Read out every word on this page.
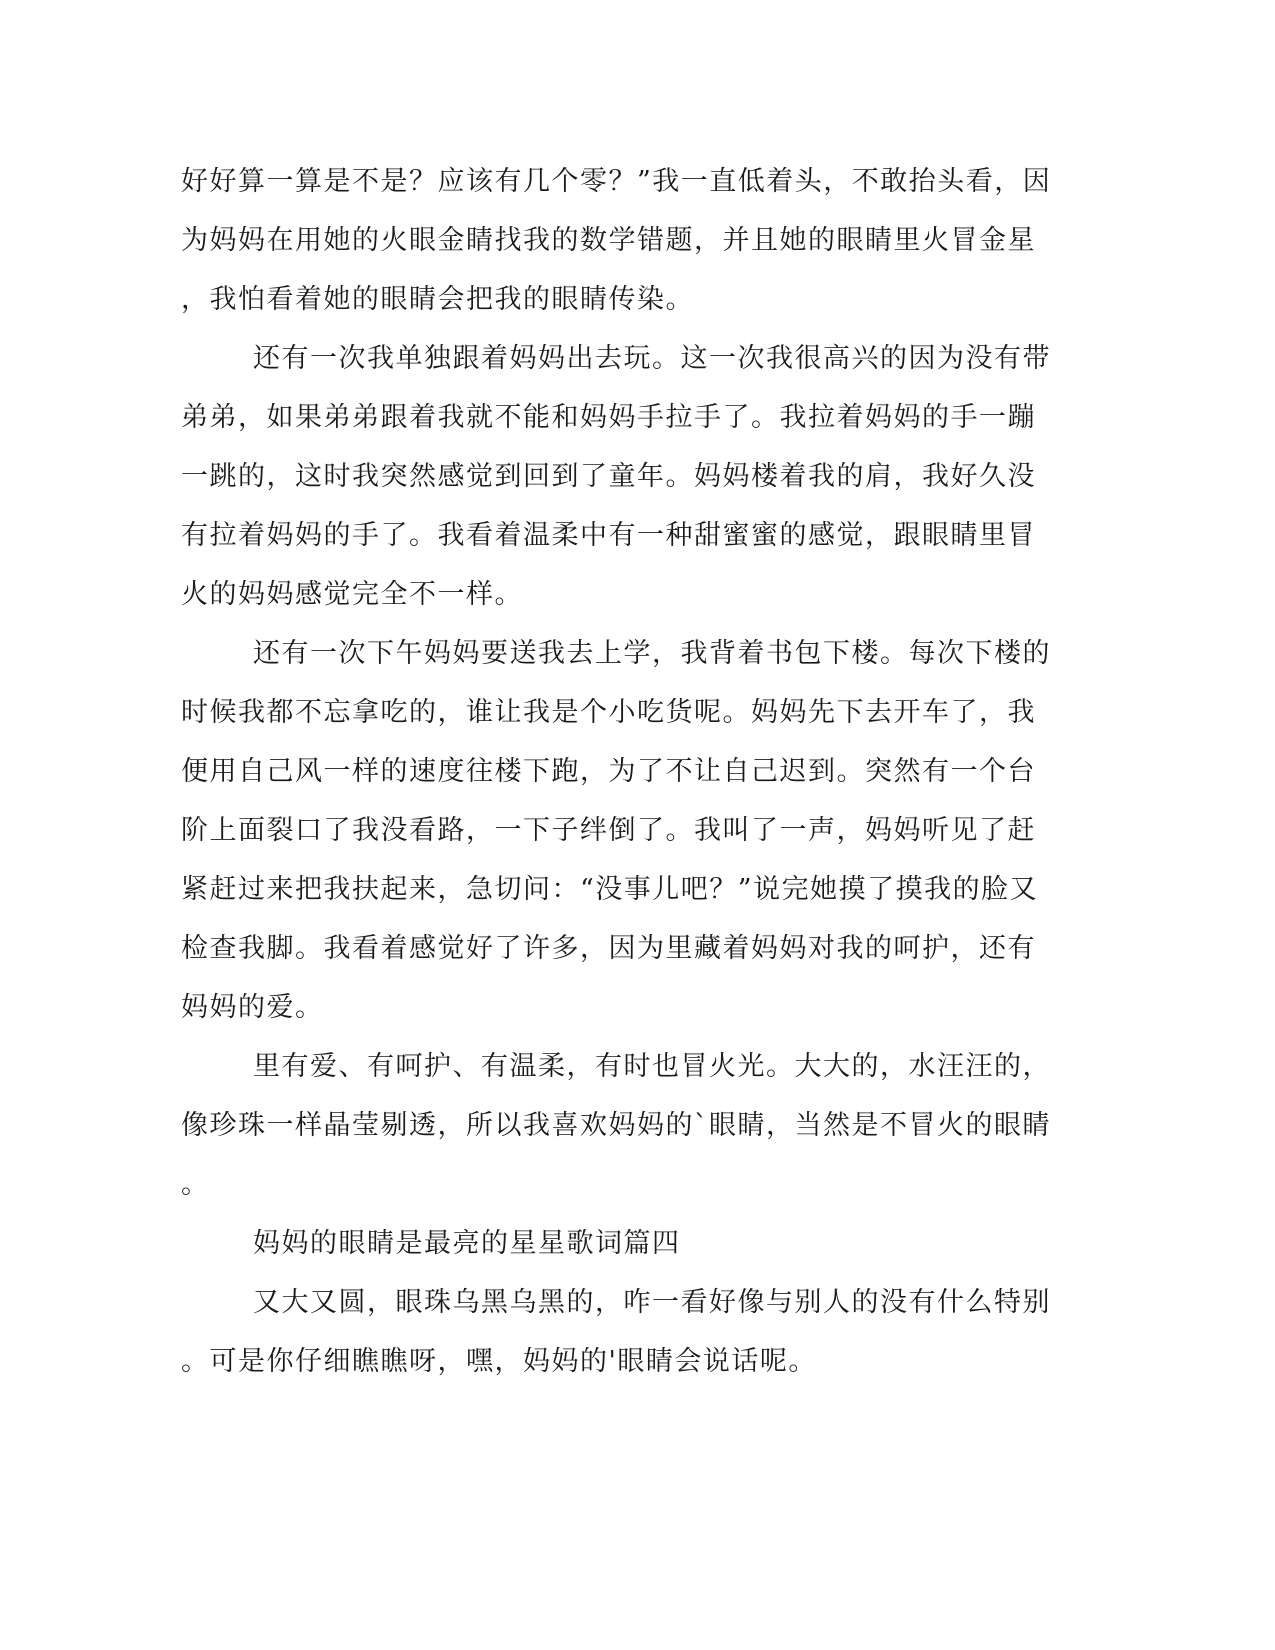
好好算一算是不是？应该有几个零？”我一直低着头，不敢抬头看，因
为妈妈在用她的火眼金睛找我的数学错题，并且她的眼睛里火冒金星
，我怕看着她的眼睛会把我的眼睛传染。
还有一次我单独跟着妈妈出去玩。这一次我很高兴的因为没有带
弟弟，如果弟弟跟着我就不能和妈妈手拉手了。我拉着妈妈的手一蹦
一跳的，这时我突然感觉到回到了童年。妈妈楼着我的肩，我好久没
有拉着妈妈的手了。我看着温柔中有一种甜蜜蜜的感觉，跟眼睛里冒
火的妈妈感觉完全不一样。
还有一次下午妈妈要送我去上学，我背着书包下楼。每次下楼的
时候我都不忘拿吃的，谁让我是个小吃货呢。妈妈先下去开车了，我
便用自己风一样的速度往楼下跑，为了不让自己迟到。突然有一个台
阶上面裂口了我没看路，一下子绊倒了。我叫了一声，妈妈听见了赶
紧赶过来把我扶起来，急切问：“没事儿吧？”说完她摸了摸我的脸又
检查我脚。我看着感觉好了许多，因为里藏着妈妈对我的呵护，还有
妈妈的爱。
里有爱、有呵护、有温柔，有时也冒火光。大大的，水汪汪的，
像珍珠一样晶莹剔透，所以我喜欢妈妈的`眼睛，当然是不冒火的眼睛
。
妈妈的眼睛是最亮的星星歌词篇四
又大又圆，眼珠乌黑乌黑的，咋一看好像与别人的没有什么特别
。可是你仔细瞧瞧呀，嘿，妈妈的'眼睛会说话呢。
